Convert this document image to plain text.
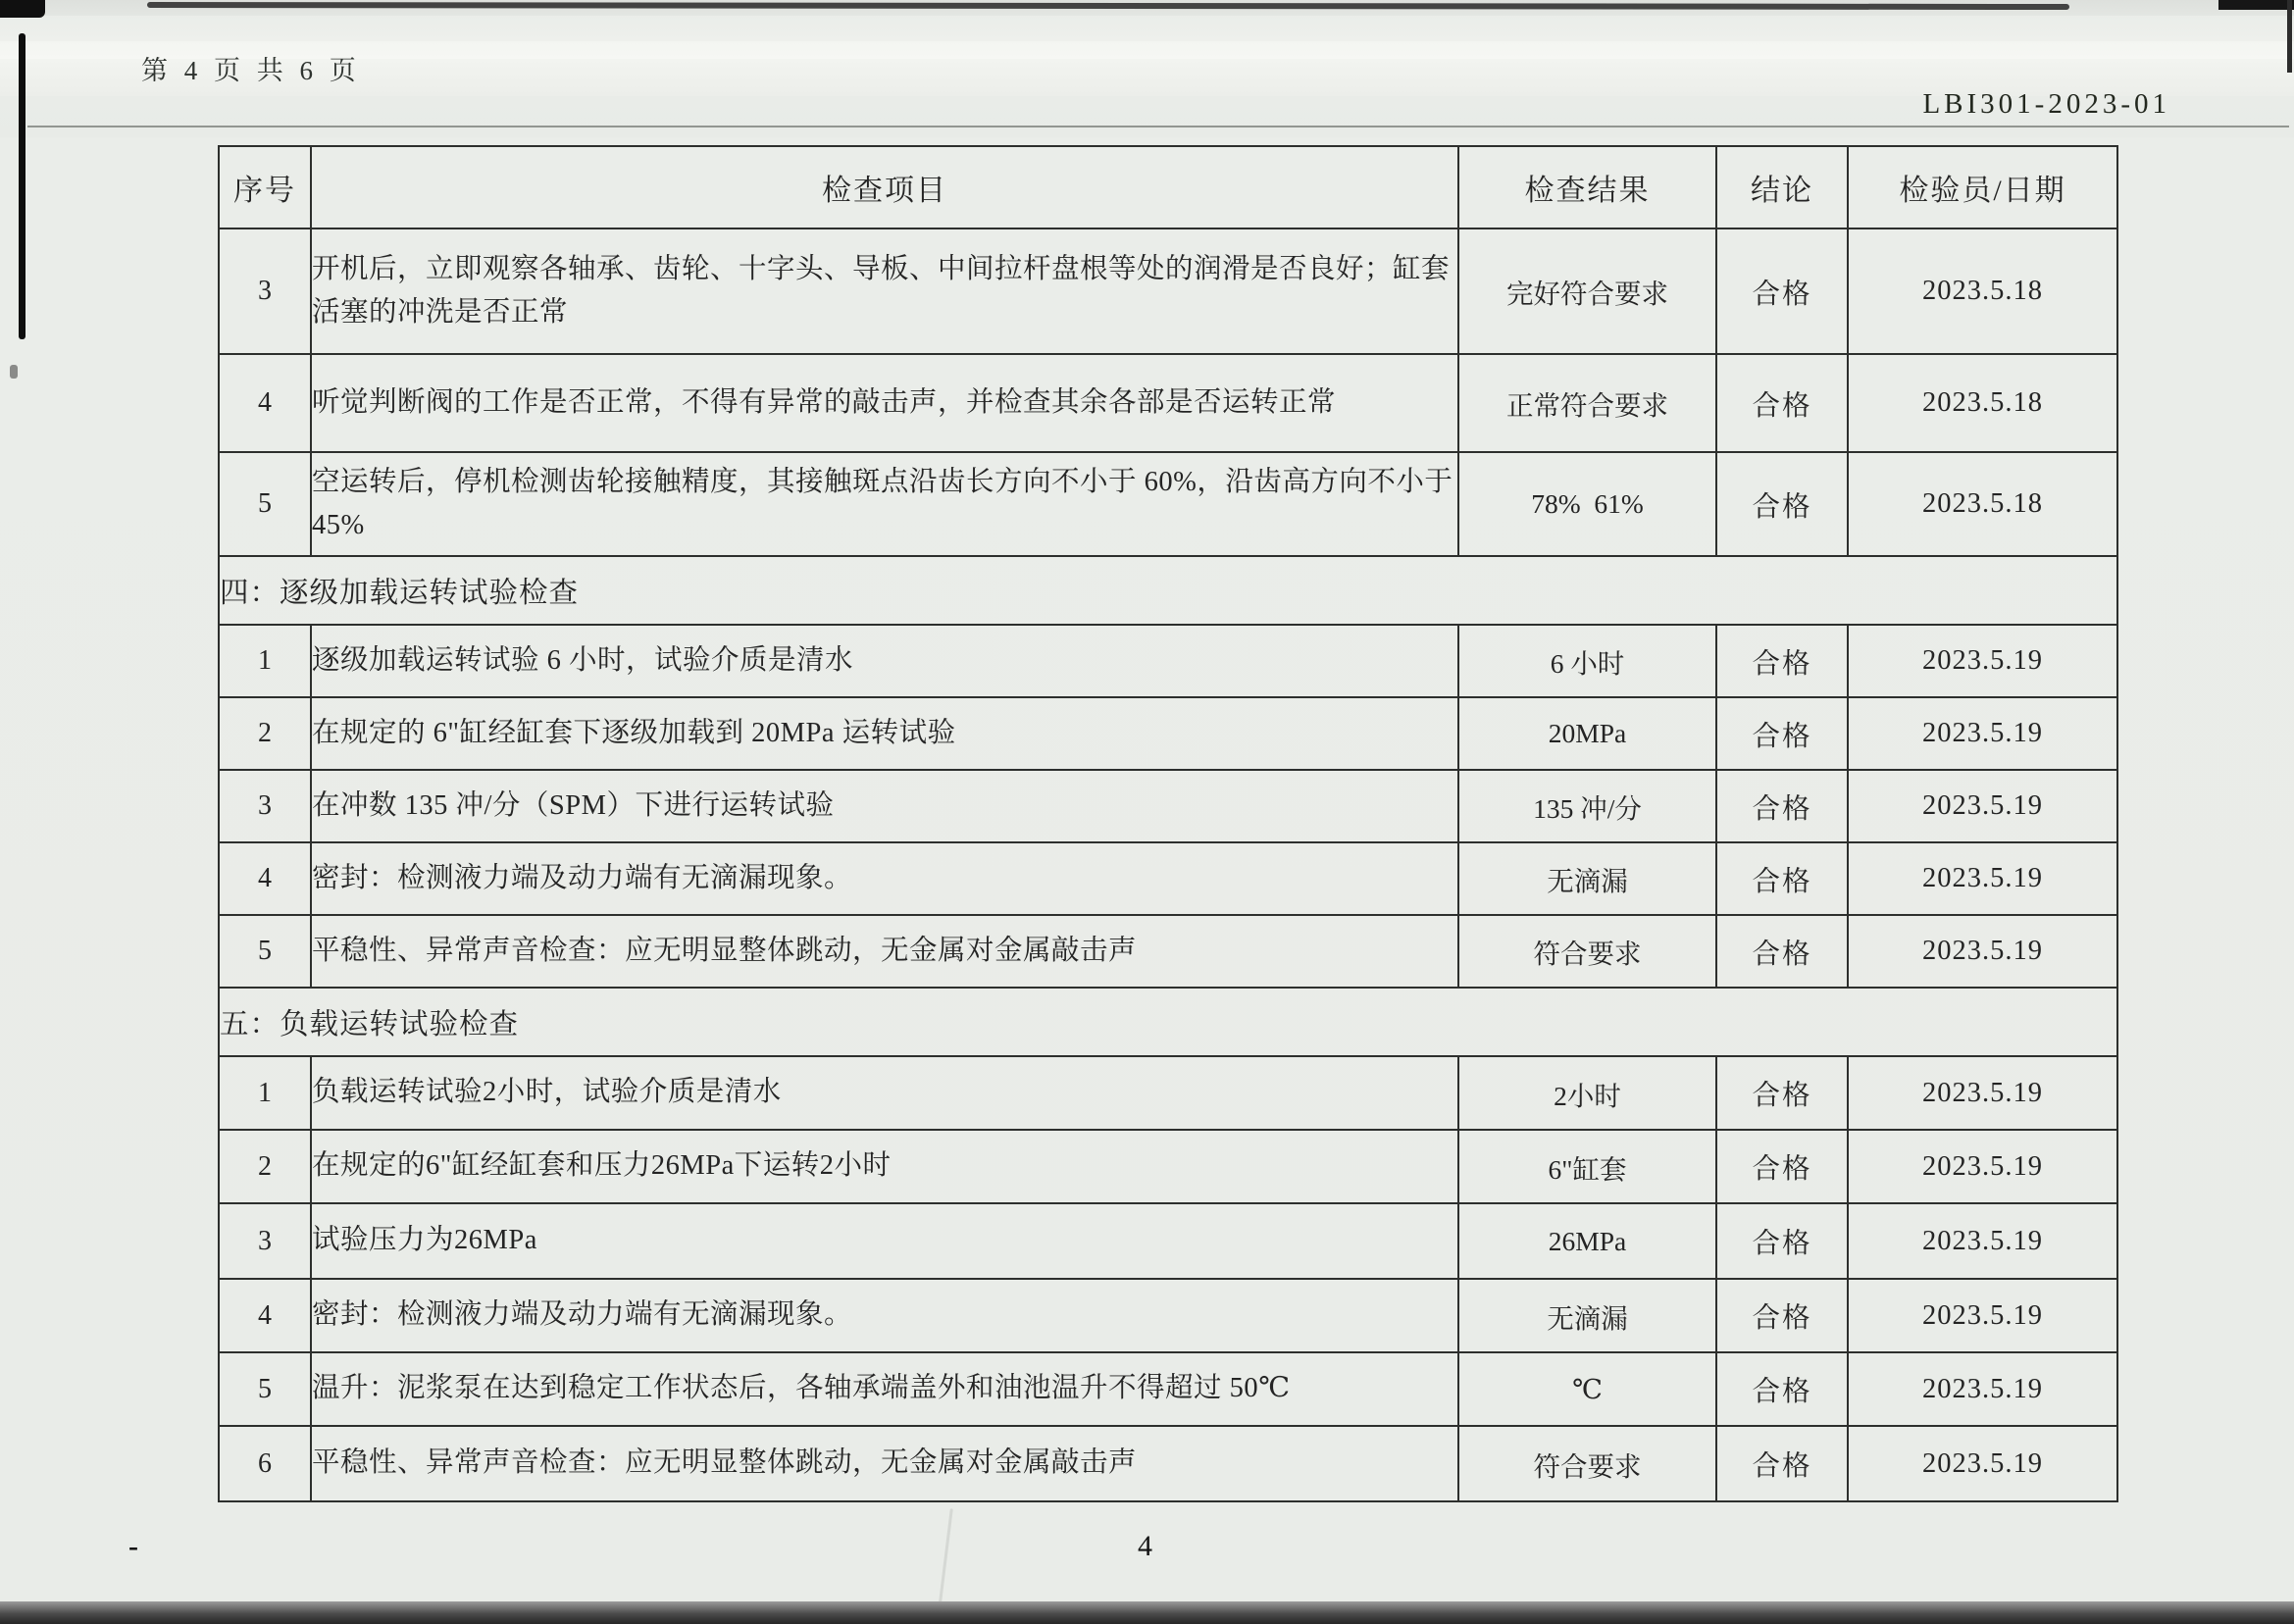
第 4 页 共 6 页
LBI301-2023-01
序号	检查项目	检查结果	结论	检验员/日期
3	开机后，立即观察各轴承、齿轮、十字头、导板、中间拉杆盘根等处的润滑是否良好；缸套活塞的冲洗是否正常	完好符合要求	合格	2023.5.18
4	听觉判断阀的工作是否正常，不得有异常的敲击声，并检查其余各部是否运转正常	正常符合要求	合格	2023.5.18
5	空运转后，停机检测齿轮接触精度，其接触斑点沿齿长方向不小于 60%，沿齿高方向不小于 45%	78%  61%	合格	2023.5.18
四：逐级加载运转试验检查				
1	逐级加载运转试验 6 小时，试验介质是清水	6 小时	合格	2023.5.19
2	在规定的 6"缸经缸套下逐级加载到 20MPa 运转试验	20MPa	合格	2023.5.19
3	在冲数 135 冲/分（SPM）下进行运转试验	135 冲/分	合格	2023.5.19
4	密封：检测液力端及动力端有无滴漏现象。	无滴漏	合格	2023.5.19
5	平稳性、异常声音检查：应无明显整体跳动，无金属对金属敲击声	符合要求	合格	2023.5.19
五：负载运转试验检查				
1	负载运转试验2小时，试验介质是清水	2小时	合格	2023.5.19
2	在规定的6"缸经缸套和压力26MPa下运转2小时	6"缸套	合格	2023.5.19
3	试验压力为26MPa	26MPa	合格	2023.5.19
4	密封：检测液力端及动力端有无滴漏现象。	无滴漏	合格	2023.5.19
5	温升：泥浆泵在达到稳定工作状态后，各轴承端盖外和油池温升不得超过 50℃	℃	合格	2023.5.19
6	平稳性、异常声音检查：应无明显整体跳动，无金属对金属敲击声	符合要求	合格	2023.5.19
-	4
